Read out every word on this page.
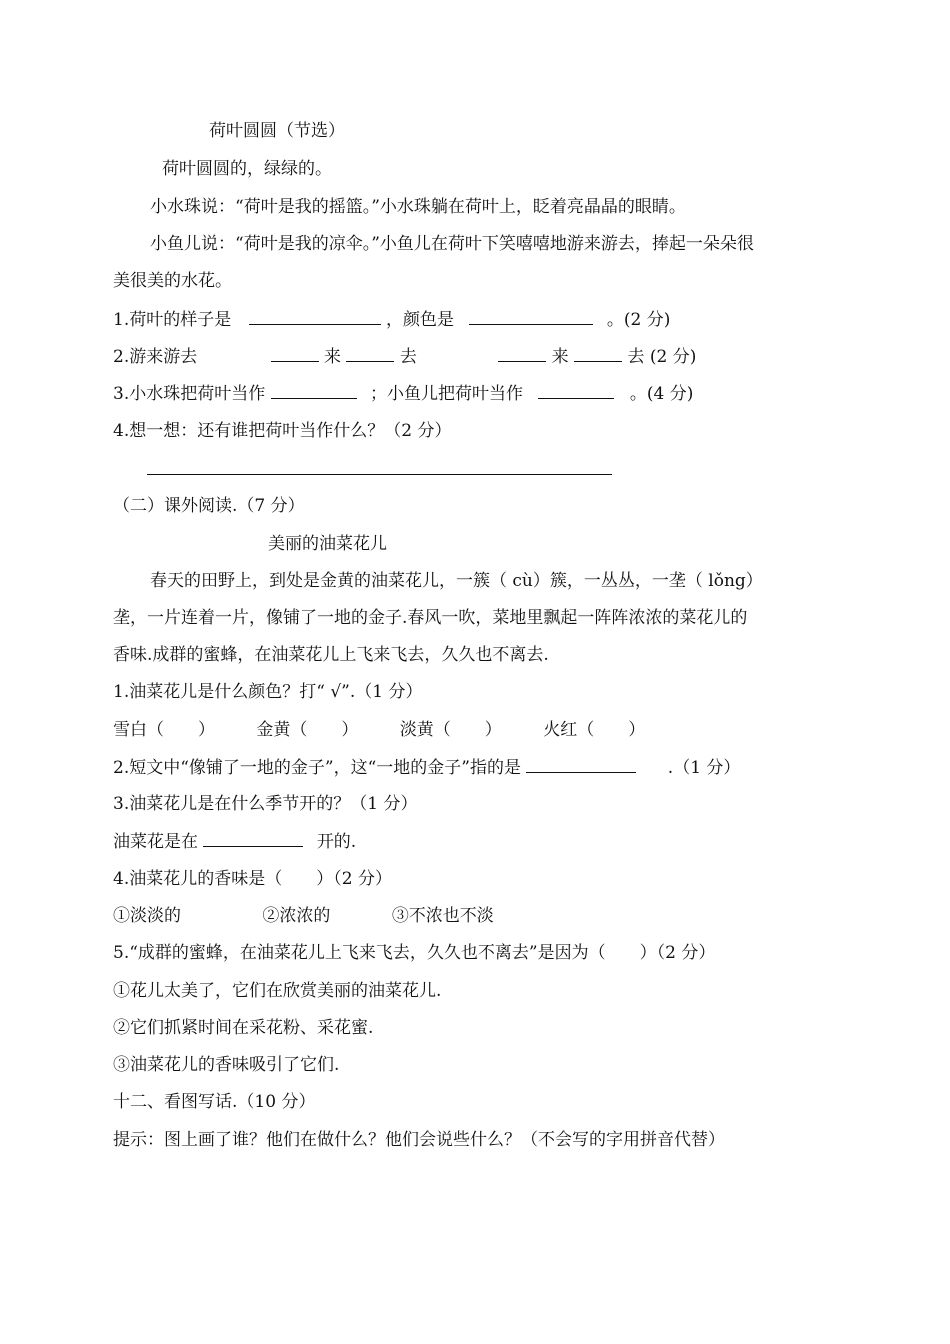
荷叶圆圆（节选）
荷叶圆圆的，绿绿的。
小水珠说：“荷叶是我的摇篮。”小水珠躺在荷叶上，眨着亮晶晶的眼睛。
小鱼儿说：“荷叶是我的凉伞。”小鱼儿在荷叶下笑嘻嘻地游来游去，捧起一朵朵很
美很美的水花。
1.荷叶的样子是	，颜色是	。(2 分)
2.游来游去	来	去	来	去 (2 分)
3.小水珠把荷叶当作	；小鱼儿把荷叶当作	。(4 分)
4.想一想：还有谁把荷叶当作什么？（2 分）
（二）课外阅读.（7 分）
美丽的油菜花儿
春天的田野上，到处是金黄的油菜花儿，一簇（ cù）簇，一丛丛，一垄（ lǒng）
垄，一片连着一片，像铺了一地的金子.春风一吹，菜地里飘起一阵阵浓浓的菜花儿的
香味.成群的蜜蜂，在油菜花儿上飞来飞去，久久也不离去.
1.油菜花儿是什么颜色？打“ √”.（1 分）
雪白（　　） 金黄（　　） 淡黄（　　） 火红（　　）
2.短文中“像铺了一地的金子”，这“一地的金子”指的是	.（1 分）
3.油菜花儿是在什么季节开的？（1 分）
油菜花是在	开的.
4.油菜花儿的香味是（　　）（2 分）
①淡淡的	②浓浓的	③不浓也不淡
5.“成群的蜜蜂，在油菜花儿上飞来飞去，久久也不离去”是因为（　　）（2 分）
①花儿太美了，它们在欣赏美丽的油菜花儿.
②它们抓紧时间在采花粉、采花蜜.
③油菜花儿的香味吸引了它们.
十二、看图写话.（10 分）
提示：图上画了谁？他们在做什么？他们会说些什么？（不会写的字用拼音代替）
